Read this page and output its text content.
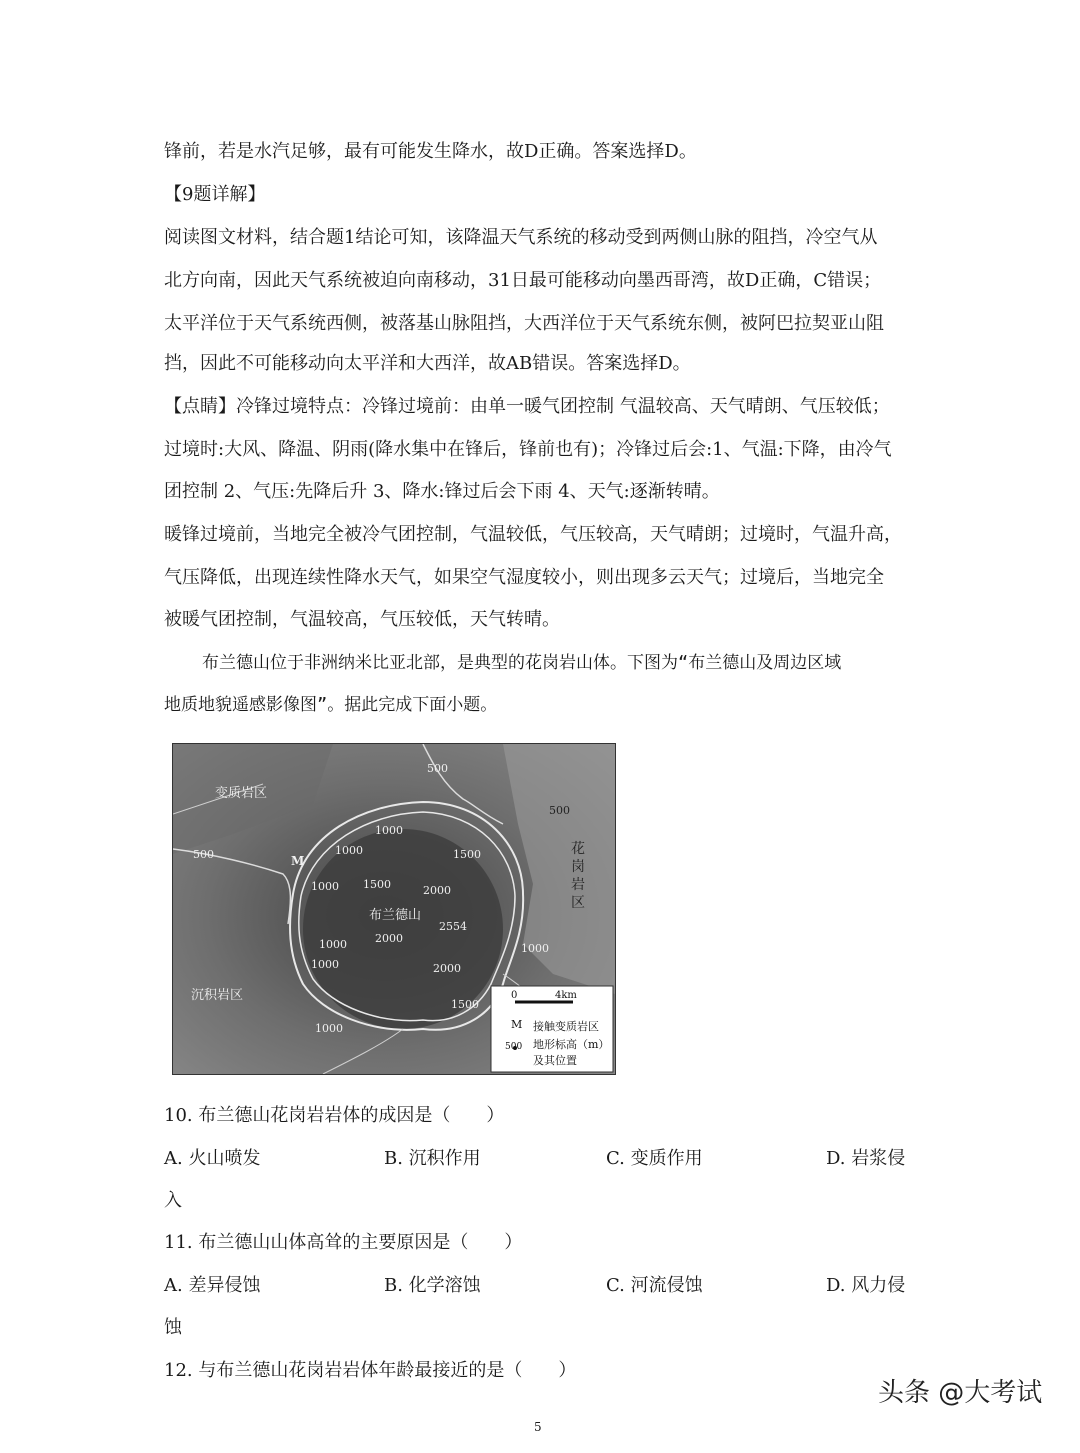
锋前，若是水汽足够，最有可能发生降水，故D正确。答案选择D。
【9题详解】
阅读图文材料，结合题1结论可知，该降温天气系统的移动受到两侧山脉的阻挡，冷空气从
北方向南，因此天气系统被迫向南移动，31日最可能移动向墨西哥湾，故D正确，C错误；
太平洋位于天气系统西侧，被落基山脉阻挡，大西洋位于天气系统东侧，被阿巴拉契亚山阻
挡，因此不可能移动向太平洋和大西洋，故AB错误。答案选择D。
【点睛】冷锋过境特点：冷锋过境前：由单一暖气团控制 气温较高、天气晴朗、气压较低；
过境时:大风、降温、阴雨(降水集中在锋后，锋前也有)；冷锋过后会:1、气温:下降，由冷气
团控制 2、气压:先降后升 3、降水:锋过后会下雨 4、天气:逐渐转晴。
暖锋过境前，当地完全被冷气团控制，气温较低，气压较高，天气晴朗；过境时，气温升高，
气压降低，出现连续性降水天气，如果空气湿度较小，则出现多云天气；过境后，当地完全
被暖气团控制，气温较高，气压较低，天气转晴。
布兰德山位于非洲纳米比亚北部，是典型的花岗岩山体。下图为“布兰德山及周边区域
地质地貌遥感影像图”。据此完成下面小题。
变质岩区
沉积岩区
花岗岩区
布兰德山
M
500
500
500
1000
1000	1500
1000 1500	2000
2554
2000
1000
2000
1000
1500
1000
1000
0	4km
M 接触变质岩区
500 地形标高（m）
及其位置
10. 布兰德山花岗岩岩体的成因是（　　）
A. 火山喷发	B. 沉积作用	C. 变质作用	D. 岩浆侵
入
11. 布兰德山山体高耸的主要原因是（　　）
A. 差异侵蚀	B. 化学溶蚀	C. 河流侵蚀	D. 风力侵
蚀
12. 与布兰德山花岗岩岩体年龄最接近的是（　　）
5
头条 @大考试
